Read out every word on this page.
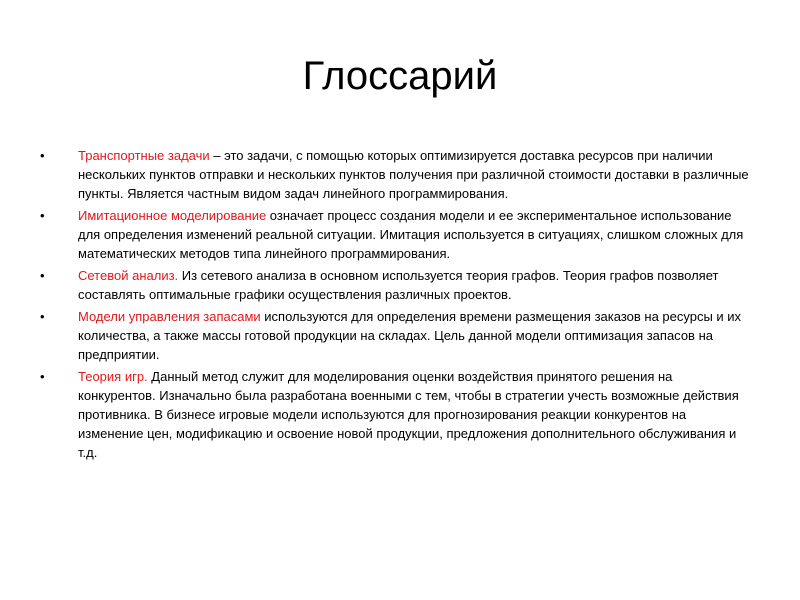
Глоссарий
•	Транспортные задачи – это задачи, с помощью которых оптимизируется доставка ресурсов при наличии нескольких пунктов отправки и нескольких пунктов получения при различной стоимости доставки в различные пункты. Является частным видом задач линейного программирования.
•	Имитационное моделирование означает процесс создания модели и ее экспериментальное использование для определения изменений реальной ситуации. Имитация используется в ситуациях, слишком сложных для математических методов типа линейного программирования.
•	Сетевой анализ. Из сетевого анализа в основном используется теория графов. Теория графов позволяет составлять оптимальные графики осуществления различных проектов.
•	Модели управления запасами используются для определения времени размещения заказов на ресурсы и их количества, а также массы готовой продукции на складах. Цель данной модели оптимизация запасов на предприятии.
•	Теория игр. Данный метод служит для моделирования оценки воздействия принятого решения на конкурентов. Изначально была разработана военными с тем, чтобы в стратегии учесть возможные действия противника. В бизнесе игровые модели используются для прогнозирования реакции конкурентов на изменение цен, модификацию и освоение новой продукции, предложения дополнительного обслуживания и т.д.
